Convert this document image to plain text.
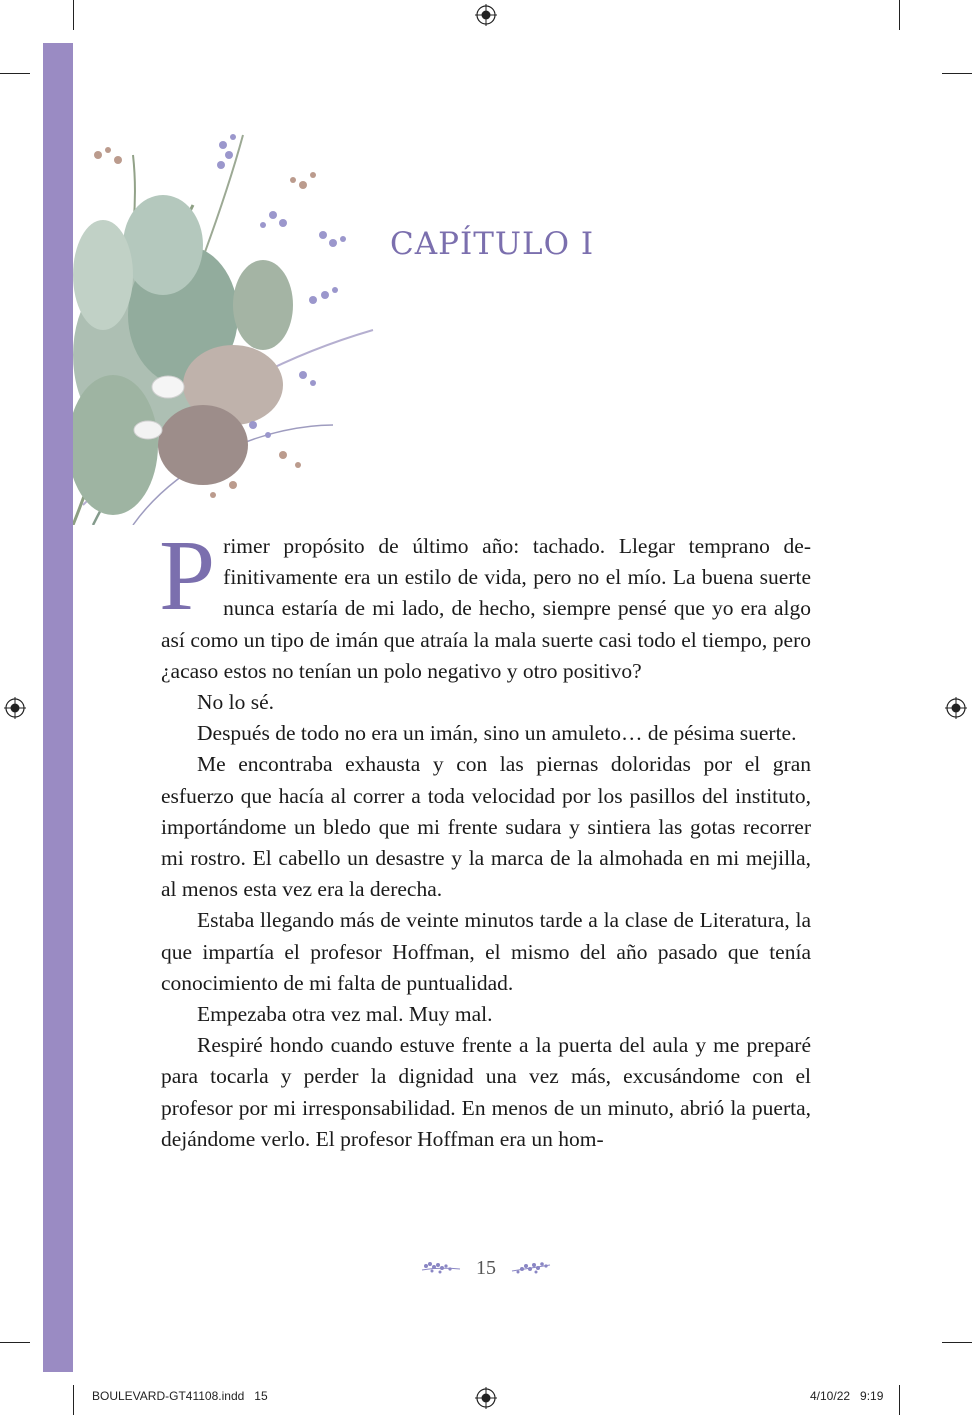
CAPÍTULO I

Primer propósito de último año: tachado. Llegar temprano definitivamente era un estilo de vida, pero no el mío. La buena suerte nunca estaría de mi lado, de hecho, siempre pensé que yo era algo así como un tipo de imán que atraía la mala suerte casi todo el tiempo, pero ¿acaso estos no tenían un polo negativo y otro positivo?

No lo sé.

Después de todo no era un imán, sino un amuleto… de pésima suerte.

Me encontraba exhausta y con las piernas doloridas por el gran esfuerzo que hacía al correr a toda velocidad por los pasillos del instituto, importándome un bledo que mi frente sudara y sintiera las gotas recorrer mi rostro. El cabello un desastre y la marca de la almohada en mi mejilla, al menos esta vez era la derecha.

Estaba llegando más de veinte minutos tarde a la clase de Literatura, la que impartía el profesor Hoffman, el mismo del año pasado que tenía conocimiento de mi falta de puntualidad.

Empezaba otra vez mal. Muy mal.

Respiré hondo cuando estuve frente a la puerta del aula y me preparé para tocarla y perder la dignidad una vez más, excusándome con el profesor por mi irresponsabilidad. En menos de un minuto, abrió la puerta, dejándome verlo. El profesor Hoffman era un hom-

15
BOULEVARD-GT41108.indd   15	4/10/22   9:19
